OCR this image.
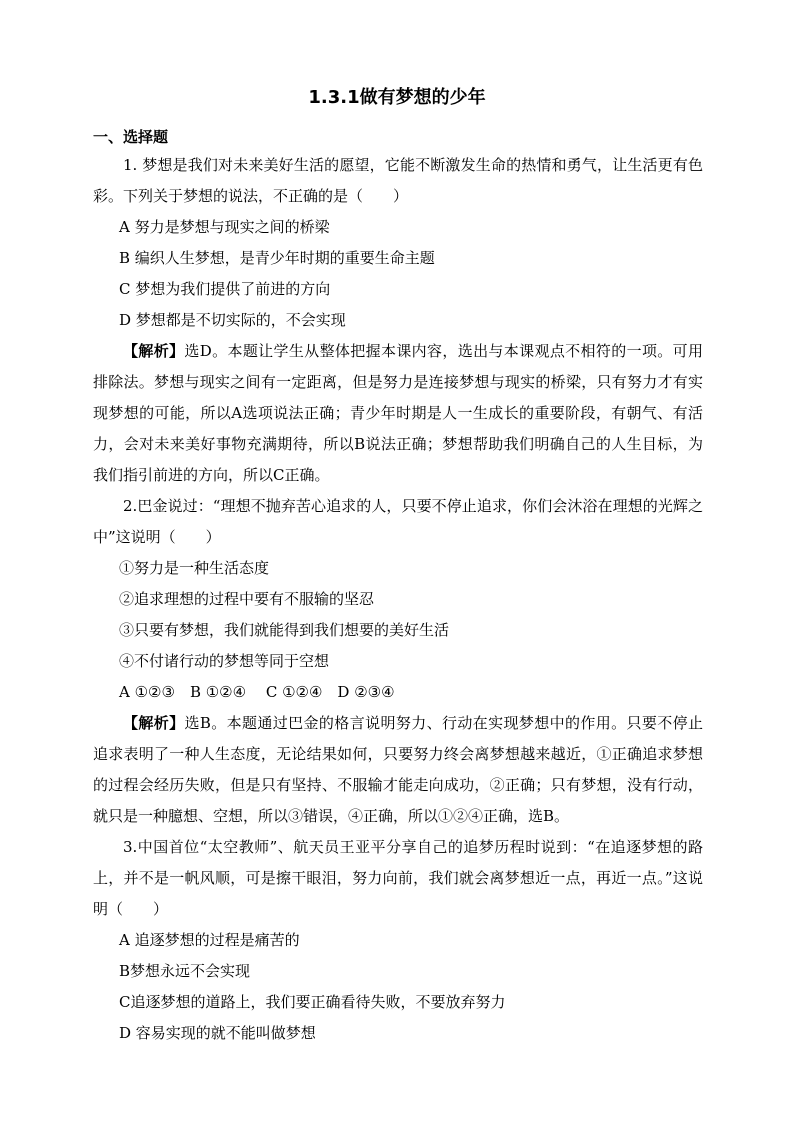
1.3.1做有梦想的少年
一、选择题

1. 梦想是我们对未来美好生活的愿望，它能不断激发生命的热情和勇气，让生活更有色彩。下列关于梦想的说法，不正确的是（　　）

A 努力是梦想与现实之间的桥梁

B 编织人生梦想，是青少年时期的重要生命主题

C 梦想为我们提供了前进的方向

D 梦想都是不切实际的，不会实现

【解析】选D。本题让学生从整体把握本课内容，选出与本课观点不相符的一项。可用排除法。梦想与现实之间有一定距离，但是努力是连接梦想与现实的桥梁，只有努力才有实现梦想的可能，所以A选项说法正确；青少年时期是人一生成长的重要阶段，有朝气、有活力，会对未来美好事物充满期待，所以B说法正确；梦想帮助我们明确自己的人生目标，为我们指引前进的方向，所以C正确。

2.巴金说过：“理想不抛弃苦心追求的人，只要不停止追求，你们会沐浴在理想的光辉之中”这说明（　　）

①努力是一种生活态度

②追求理想的过程中要有不服输的坚忍

③只要有梦想，我们就能得到我们想要的美好生活

④不付诸行动的梦想等同于空想

A ①②③　B ①②④　 C ①②④　D ②③④

【解析】选B。本题通过巴金的格言说明努力、行动在实现梦想中的作用。只要不停止追求表明了一种人生态度，无论结果如何，只要努力终会离梦想越来越近，①正确追求梦想的过程会经历失败，但是只有坚持、不服输才能走向成功，②正确；只有梦想，没有行动，就只是一种臆想、空想，所以③错误，④正确，所以①②④正确，选B。

3.中国首位“太空教师”、航天员王亚平分享自己的追梦历程时说到：“在追逐梦想的路上，并不是一帆风顺，可是擦干眼泪，努力向前，我们就会离梦想近一点，再近一点。”这说明（　　）

A 追逐梦想的过程是痛苦的

B梦想永远不会实现

C追逐梦想的道路上，我们要正确看待失败，不要放弃努力

D 容易实现的就不能叫做梦想
